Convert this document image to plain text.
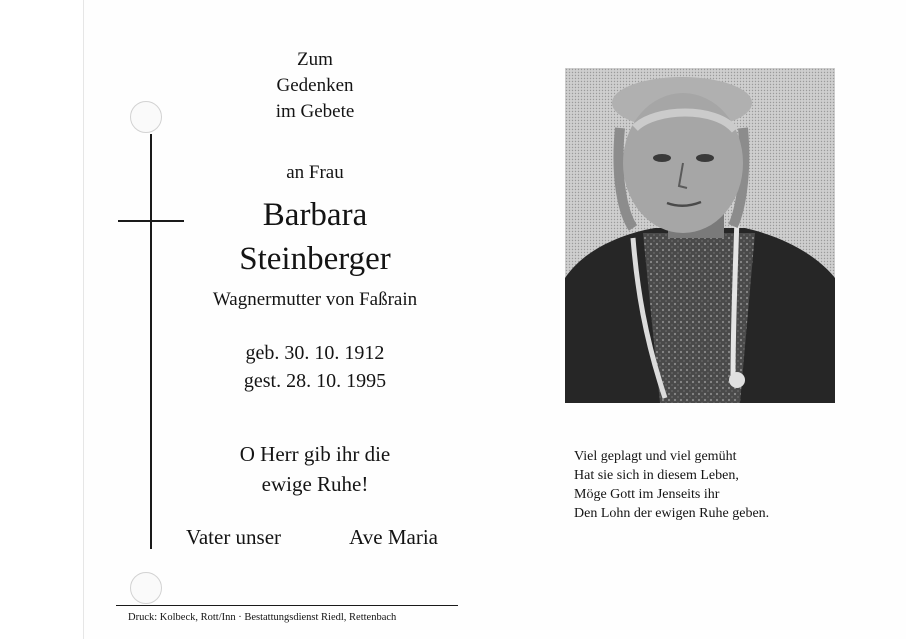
Zum
Gedenken
im Gebete
an Frau
Barbara
Steinberger
Wagnermutter von Faßrain
geb. 30. 10. 1912
gest. 28. 10. 1995
O Herr gib ihr die
ewige Ruhe!
Vater unser	Ave Maria
Druck: Kolbeck, Rott/Inn · Bestattungsdienst Riedl, Rettenbach
Viel geplagt und viel gemüht
Hat sie sich in diesem Leben,
Möge Gott im Jenseits ihr
Den Lohn der ewigen Ruhe geben.
